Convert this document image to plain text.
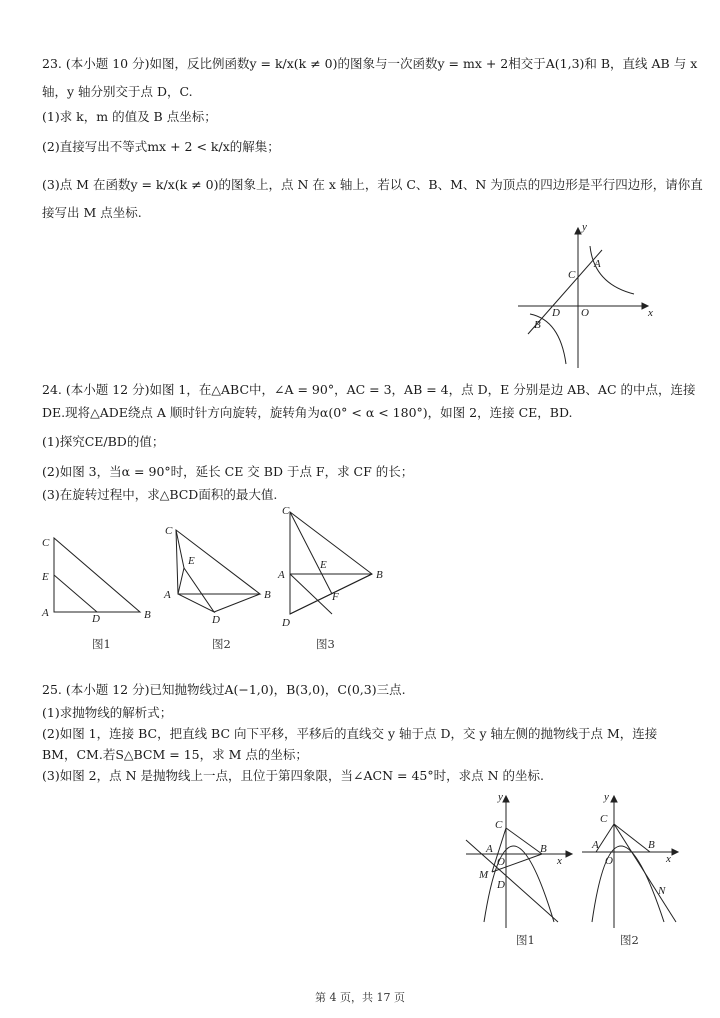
23. (本小题 10 分)如图，反比例函数y = k/x(k ≠ 0)的图象与一次函数y = mx + 2相交于A(1,3)和 B，直线 AB 与 x
轴，y 轴分别交于点 D，C.
(1)求 k，m 的值及 B 点坐标；
(2)直接写出不等式mx + 2 < k/x的解集；
(3)点 M 在函数y = k/x(k ≠ 0)的图象上，点 N 在 x 轴上，若以 C、B、M、N 为顶点的四边形是平行四边形，请你直
接写出 M 点坐标.
y
x
A
C
D O
B
24. (本小题 12 分)如图 1，在△ABC中，∠A = 90°，AC = 3，AB = 4，点 D，E 分别是边 AB、AC 的中点，连接
DE.现将△ADE绕点 A 顺时针方向旋转，旋转角为α(0° < α < 180°)，如图 2，连接 CE，BD.
(1)探究CE/BD的值；
(2)如图 3，当α = 90°时，延长 CE 交 BD 于点 F，求 CF 的长；
(3)在旋转过程中，求△BCD面积的最大值.
C
E
A	D	B
图1
C
E
A
D
B
图2
C
E
A
F
D
B
图3
25. (本小题 12 分)已知抛物线过A(−1,0)，B(3,0)，C(0,3)三点.
(1)求抛物线的解析式；
(2)如图 1，连接 BC，把直线 BC 向下平移，平移后的直线交 y 轴于点 D，交 y 轴左侧的抛物线于点 M，连接
BM，CM.若S△BCM = 15，求 M 点的坐标；
(3)如图 2，点 N 是抛物线上一点，且位于第四象限，当∠ACN = 45°时，求点 N 的坐标.
y
C
A
O
B
x
M
D
图1
y
C
A
O
B
x
N
图2
第 4 页，共 17 页
